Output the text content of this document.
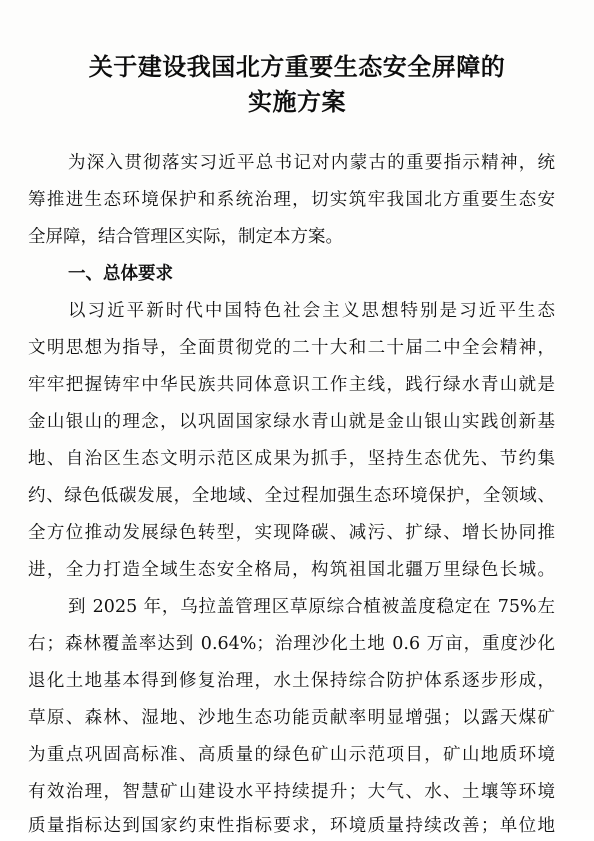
关于建设我国北方重要生态安全屏障的
实施方案
为深入贯彻落实习近平总书记对内蒙古的重要指示精神，统
筹推进生态环境保护和系统治理，切实筑牢我国北方重要生态安
全屏障，结合管理区实际，制定本方案。
一、总体要求
以习近平新时代中国特色社会主义思想特别是习近平生态
文明思想为指导，全面贯彻党的二十大和二十届二中全会精神，
牢牢把握铸牢中华民族共同体意识工作主线，践行绿水青山就是
金山银山的理念，以巩固国家绿水青山就是金山银山实践创新基
地、自治区生态文明示范区成果为抓手，坚持生态优先、节约集
约、绿色低碳发展，全地域、全过程加强生态环境保护，全领域、
全方位推动发展绿色转型，实现降碳、减污、扩绿、增长协同推
进，全力打造全域生态安全格局，构筑祖国北疆万里绿色长城。
到 2025 年，乌拉盖管理区草原综合植被盖度稳定在 75%左
右；森林覆盖率达到 0.64%；治理沙化土地 0.6 万亩，重度沙化
退化土地基本得到修复治理，水土保持综合防护体系逐步形成，
草原、森林、湿地、沙地生态功能贡献率明显增强；以露天煤矿
为重点巩固高标准、高质量的绿色矿山示范项目，矿山地质环境
有效治理，智慧矿山建设水平持续提升；大气、水、土壤等环境
质量指标达到国家约束性指标要求，环境质量持续改善；单位地
